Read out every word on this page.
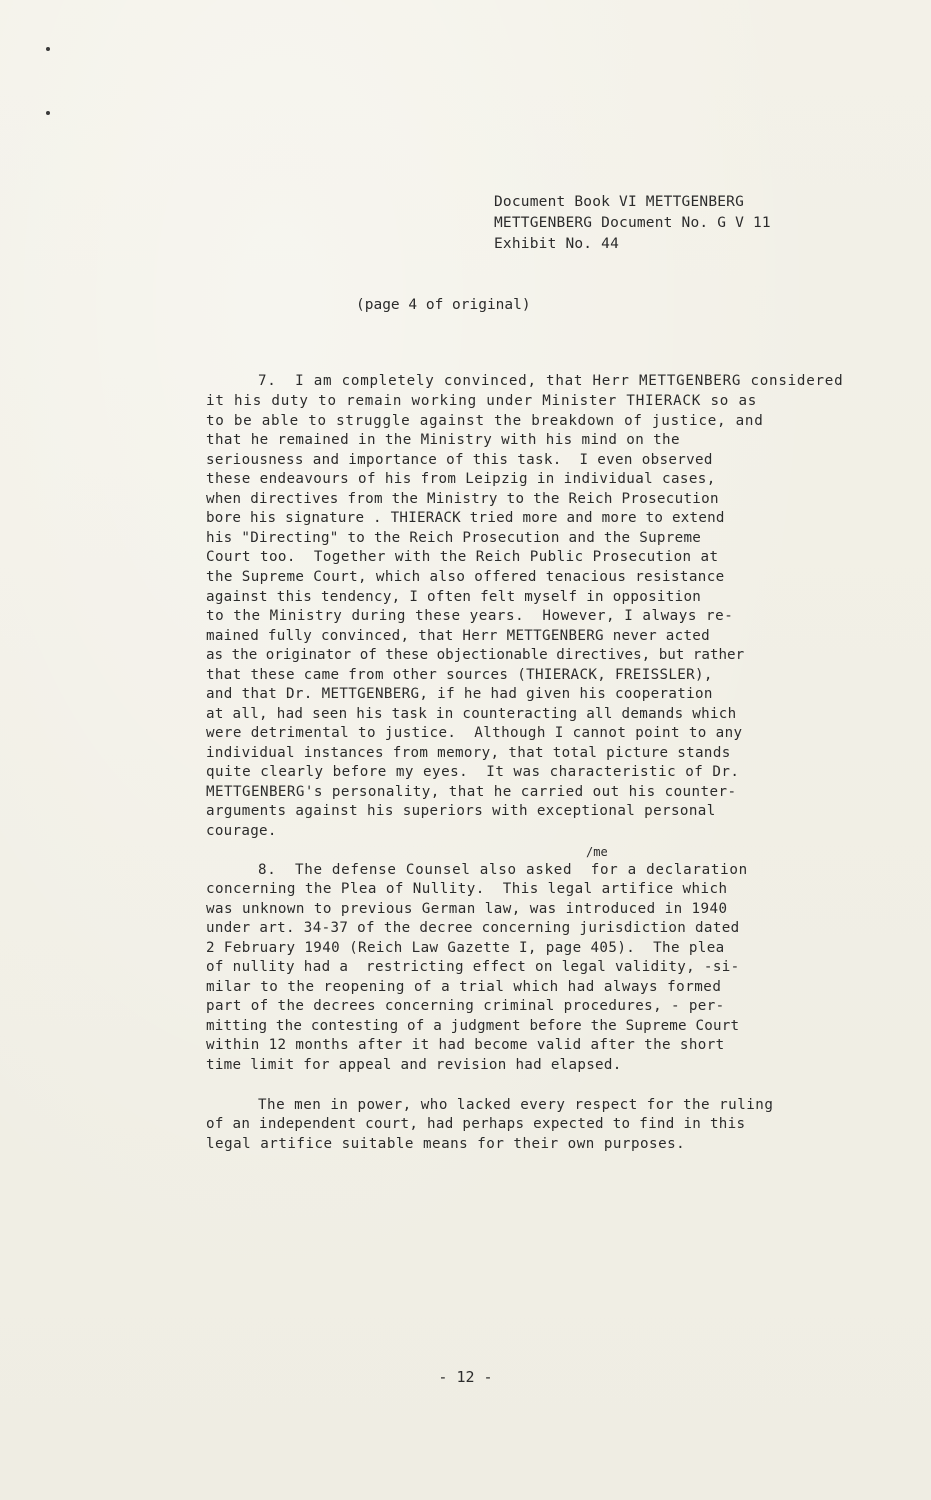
Document Book VI METTGENBERG
METTGENBERG Document No. G V 11
Exhibit No. 44
(page 4 of original)
7.  I am completely convinced, that Herr METTGENBERG considered
it his duty to remain working under Minister THIERACK so as
to be able to struggle against the breakdown of justice, and
that he remained in the Ministry with his mind on the
seriousness and importance of this task.  I even observed
these endeavours of his from Leipzig in individual cases,
when directives from the Ministry to the Reich Prosecution
bore his signature . THIERACK tried more and more to extend
his "Directing" to the Reich Prosecution and the Supreme
Court too.  Together with the Reich Public Prosecution at
the Supreme Court, which also offered tenacious resistance
against this tendency, I often felt myself in opposition
to the Ministry during these years.  However, I always re-
mained fully convinced, that Herr METTGENBERG never acted
as the originator of these objectionable directives, but rather
that these came from other sources (THIERACK, FREISSLER),
and that Dr. METTGENBERG, if he had given his cooperation
at all, had seen his task in counteracting all demands which
were detrimental to justice.  Although I cannot point to any
individual instances from memory, that total picture stands
quite clearly before my eyes.  It was characteristic of Dr.
METTGENBERG's personality, that he carried out his counter-
arguments against his superiors with exceptional personal
courage.
/me
8.  The defense Counsel also asked  for a declaration
concerning the Plea of Nullity.  This legal artifice which
was unknown to previous German law, was introduced in 1940
under art. 34-37 of the decree concerning jurisdiction dated
2 February 1940 (Reich Law Gazette I, page 405).  The plea
of nullity had a  restricting effect on legal validity, -si-
milar to the reopening of a trial which had always formed
part of the decrees concerning criminal procedures, - per-
mitting the contesting of a judgment before the Supreme Court
within 12 months after it had become valid after the short
time limit for appeal and revision had elapsed.
The men in power, who lacked every respect for the ruling
of an independent court, had perhaps expected to find in this
legal artifice suitable means for their own purposes.
- 12 -
